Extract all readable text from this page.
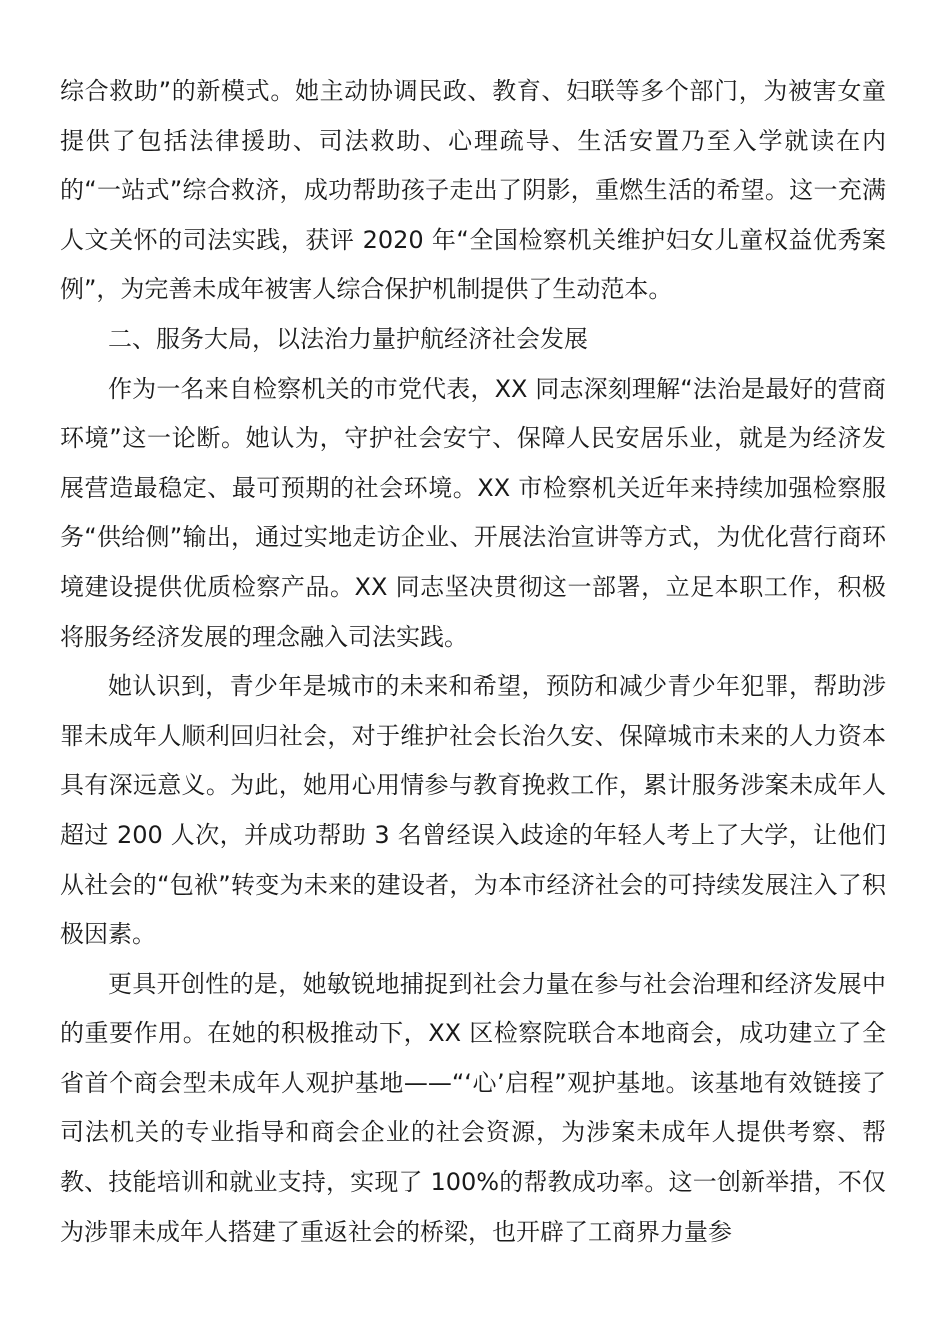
综合救助”的新模式。她主动协调民政、教育、妇联等多个部门，为被害女童提供了包括法律援助、司法救助、心理疏导、生活安置乃至入学就读在内的“一站式”综合救济，成功帮助孩子走出了阴影，重燃生活的希望。这一充满人文关怀的司法实践，获评 2020 年“全国检察机关维护妇女儿童权益优秀案例”，为完善未成年被害人综合保护机制提供了生动范本。

二、服务大局，以法治力量护航经济社会发展

作为一名来自检察机关的市党代表，XX 同志深刻理解“法治是最好的营商环境”这一论断。她认为，守护社会安宁、保障人民安居乐业，就是为经济发展营造最稳定、最可预期的社会环境。XX 市检察机关近年来持续加强检察服务“供给侧”输出，通过实地走访企业、开展法治宣讲等方式，为优化营行商环境建设提供优质检察产品。XX 同志坚决贯彻这一部署，立足本职工作，积极将服务经济发展的理念融入司法实践。

她认识到，青少年是城市的未来和希望，预防和减少青少年犯罪，帮助涉罪未成年人顺利回归社会，对于维护社会长治久安、保障城市未来的人力资本具有深远意义。为此，她用心用情参与教育挽救工作，累计服务涉案未成年人超过 200 人次，并成功帮助 3 名曾经误入歧途的年轻人考上了大学，让他们从社会的“包袱”转变为未来的建设者，为本市经济社会的可持续发展注入了积极因素。

更具开创性的是，她敏锐地捕捉到社会力量在参与社会治理和经济发展中的重要作用。在她的积极推动下，XX 区检察院联合本地商会，成功建立了全省首个商会型未成年人观护基地——“‘心’启程”观护基地。该基地有效链接了司法机关的专业指导和商会企业的社会资源，为涉案未成年人提供考察、帮教、技能培训和就业支持，实现了 100%的帮教成功率。这一创新举措，不仅为涉罪未成年人搭建了重返社会的桥梁，也开辟了工商界力量参
